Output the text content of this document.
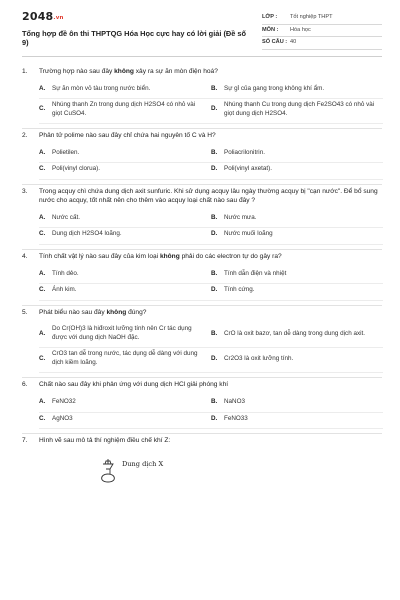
2048.vn
Tổng hợp đề ôn thi THPTQG Hóa Học cực hay có lời giải (Đề số 9)
LỚP :	Tốt nghiệp THPT
MÔN :	Hóa học
SỐ CÂU : 40
1.	Trường hợp nào sau đây không xảy ra sự ăn mòn điện hoá?
A.	Sự ăn mòn vỏ tàu trong nước biển.	B.	Sự gỉ của gang trong không khí ẩm.
C.
Nhúng thanh Zn trong dung dịch H2SO4 có nhỏ vài giọt CuSO4.
D.
Nhúng thanh Cu trong dung dịch Fe2SO43 có nhỏ vài giọt dung dịch H2SO4.
2.	Phân tử polime nào sau đây chỉ chứa hai nguyên tố C và H?
A.	Polietilen.	B.	Poliacrilonitrin.
C.	Poli(vinyl clorua).	D.	Poli(vinyl axetat).
3.	Trong acquy chì chứa dung dịch axit sunfuric. Khi sử dụng acquy lâu ngày thường acquy bị "cạn nước". Để bổ sung nước cho acquy, tốt nhất nên cho thêm vào acquy loại chất nào sau đây ?
A.	Nước cất.	B.	Nước mưa.
C.	Dung dịch H2SO4 loãng.	D.	Nước muối loãng
4.	Tính chất vật lý nào sau đây của kim loại không phải do các electron tự do gây ra?
A.	Tính dẻo.	B.	Tính dẫn điện và nhiệt
C.	Ánh kim.	D.	Tính cứng.
5.	Phát biểu nào sau đây không đúng?
A.
Do Cr(OH)3 là hiđroxit lưỡng tính nên Cr tác dụng được với dung dịch NaOH đặc.
B.	CrO là oxit bazơ, tan dễ dàng trong dung dịch axit.
C.
CrO3 tan dễ trong nước, tác dụng dễ dàng với dung dịch kiềm loãng.
D.	Cr2O3 là oxit lưỡng tính.
6.	Chất nào sau đây khi phản ứng với dung dịch HCl giải phóng khí
A.	FeNO32	B.	NaNO3
C.	AgNO3	D.	FeNO33
7.	Hình vẽ sau mô tả thí nghiệm điều chế khí Z:
Dung dịch X
